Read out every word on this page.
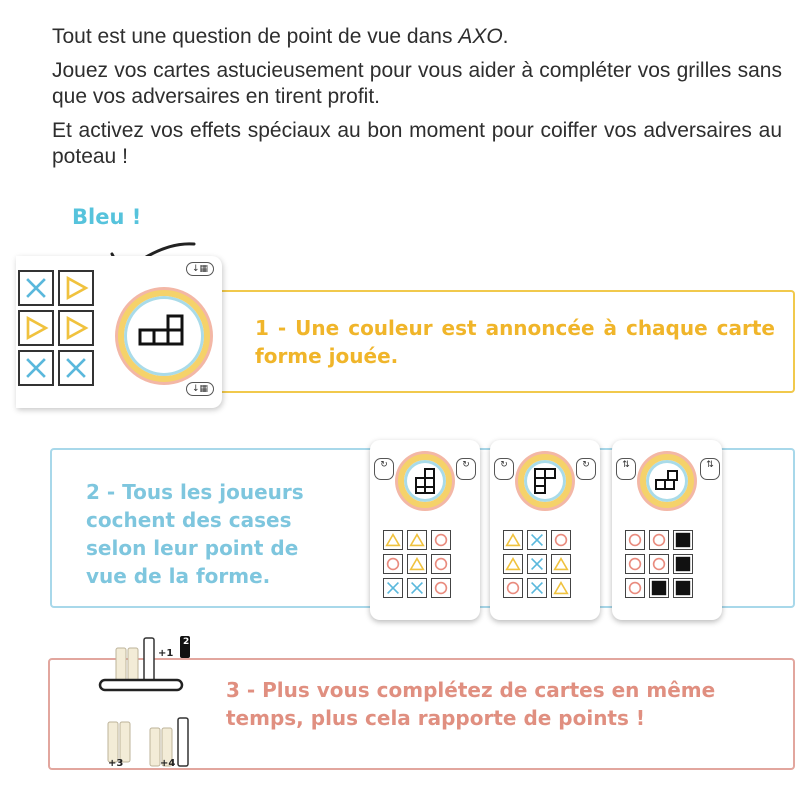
Tout est une question de point de vue dans AXO.

Jouez vos cartes astucieusement pour vous aider à compléter vos grilles sans que vos adversaires en tirent profit.

Et activez vos effets spéciaux au bon moment pour coiffer vos adversaires au poteau !

Bleu !
↓▦
↓▦
1 - Une couleur est annoncée à chaque carte forme jouée.
2 - Tous les joueurs cochent des cases selon leur point de vue de la forme.
↻	↻	↻	↻	⇅	⇅
3 - Plus vous complétez de cartes en même temps, plus cela rapporte de points !
+1
+3	+4
2
